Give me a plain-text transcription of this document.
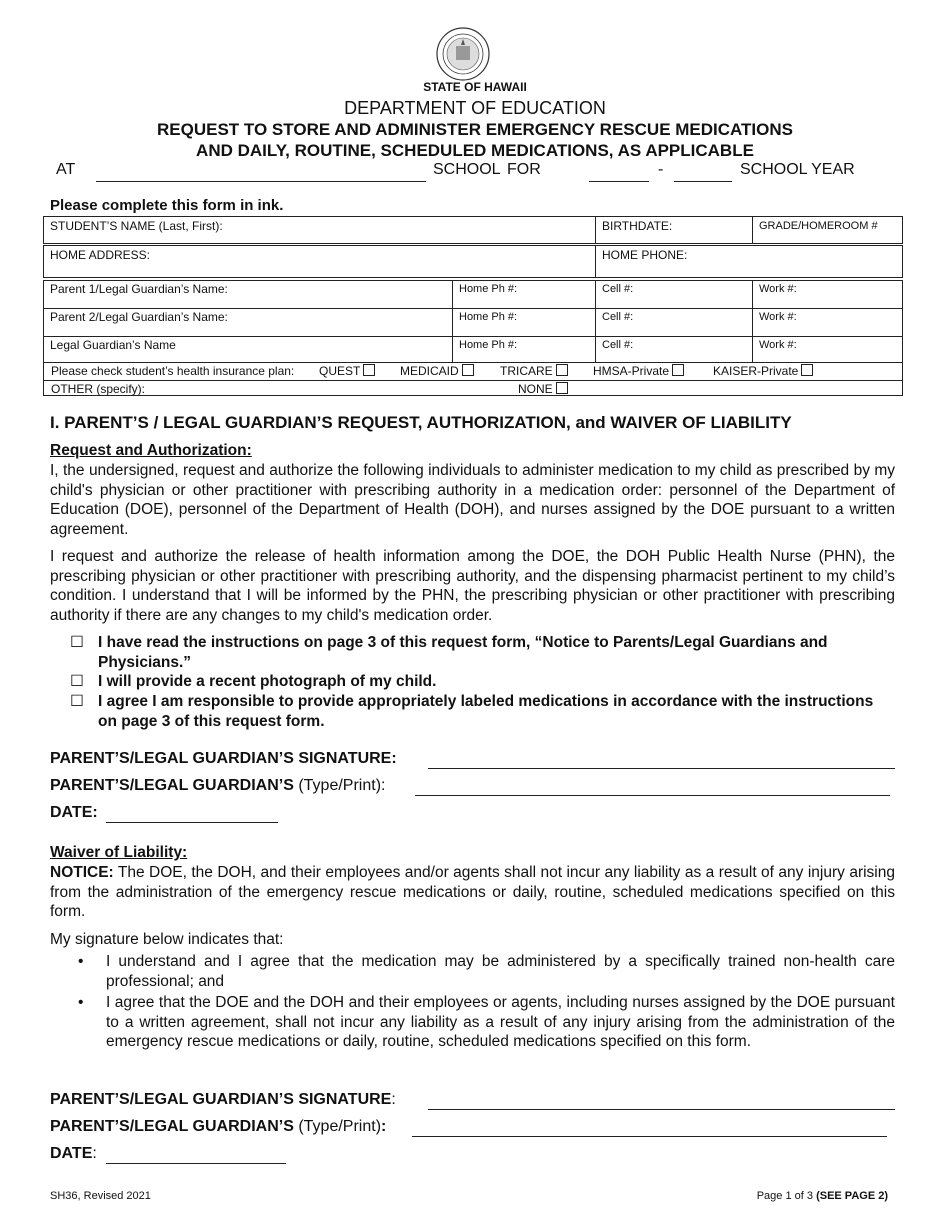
STATE OF HAWAII
DEPARTMENT OF EDUCATION
REQUEST TO STORE AND ADMINISTER EMERGENCY RESCUE MEDICATIONS
AND DAILY, ROUTINE, SCHEDULED MEDICATIONS, AS APPLICABLE
AT	SCHOOL FOR	-	SCHOOL YEAR
Please complete this form in ink.
STUDENT’S NAME (Last, First):	BIRTHDATE:	GRADE/HOMEROOM #
HOME ADDRESS:	HOME PHONE:
Parent 1/Legal Guardian’s Name:	Home Ph #:	Cell #:	Work #:
Parent 2/Legal Guardian’s Name:	Home Ph #:	Cell #:	Work #:
Legal Guardian’s Name	Home Ph #:	Cell #:	Work #:
Please check student’s health insurance plan: QUEST	MEDICAID	TRICARE	HMSA-Private	KAISER-Private
OTHER (specify):	NONE
I. PARENT’S / LEGAL GUARDIAN’S REQUEST, AUTHORIZATION, and WAIVER OF LIABILITY
Request and Authorization:
I, the undersigned, request and authorize the following individuals to administer medication to my child as prescribed by my child's physician or other practitioner with prescribing authority in a medication order: personnel of the Department of Education (DOE), personnel of the Department of Health (DOH), and nurses assigned by the DOE pursuant to a written agreement.
I request and authorize the release of health information among the DOE, the DOH Public Health Nurse (PHN), the prescribing physician or other practitioner with prescribing authority, and the dispensing pharmacist pertinent to my child’s condition. I understand that I will be informed by the PHN, the prescribing physician or other practitioner with prescribing authority if there are any changes to my child's medication order.
☐ I have read the instructions on page 3 of this request form, “Notice to Parents/Legal Guardians and Physicians.”
☐ I will provide a recent photograph of my child.
☐ I agree I am responsible to provide appropriately labeled medications in accordance with the instructions on page 3 of this request form.
PARENT’S/LEGAL GUARDIAN’S SIGNATURE:
PARENT’S/LEGAL GUARDIAN’S (Type/Print):
DATE:
Waiver of Liability:
NOTICE: The DOE, the DOH, and their employees and/or agents shall not incur any liability as a result of any injury arising from the administration of the emergency rescue medications or daily, routine, scheduled medications specified on this form.
My signature below indicates that:
• I understand and I agree that the medication may be administered by a specifically trained non-health care professional; and
• I agree that the DOE and the DOH and their employees or agents, including nurses assigned by the DOE pursuant to a written agreement, shall not incur any liability as a result of any injury arising from the administration of the emergency rescue medications or daily, routine, scheduled medications specified on this form.
PARENT’S/LEGAL GUARDIAN’S SIGNATURE:
PARENT’S/LEGAL GUARDIAN’S (Type/Print):
DATE:
SH36, Revised 2021	Page 1 of 3 (SEE PAGE 2)
